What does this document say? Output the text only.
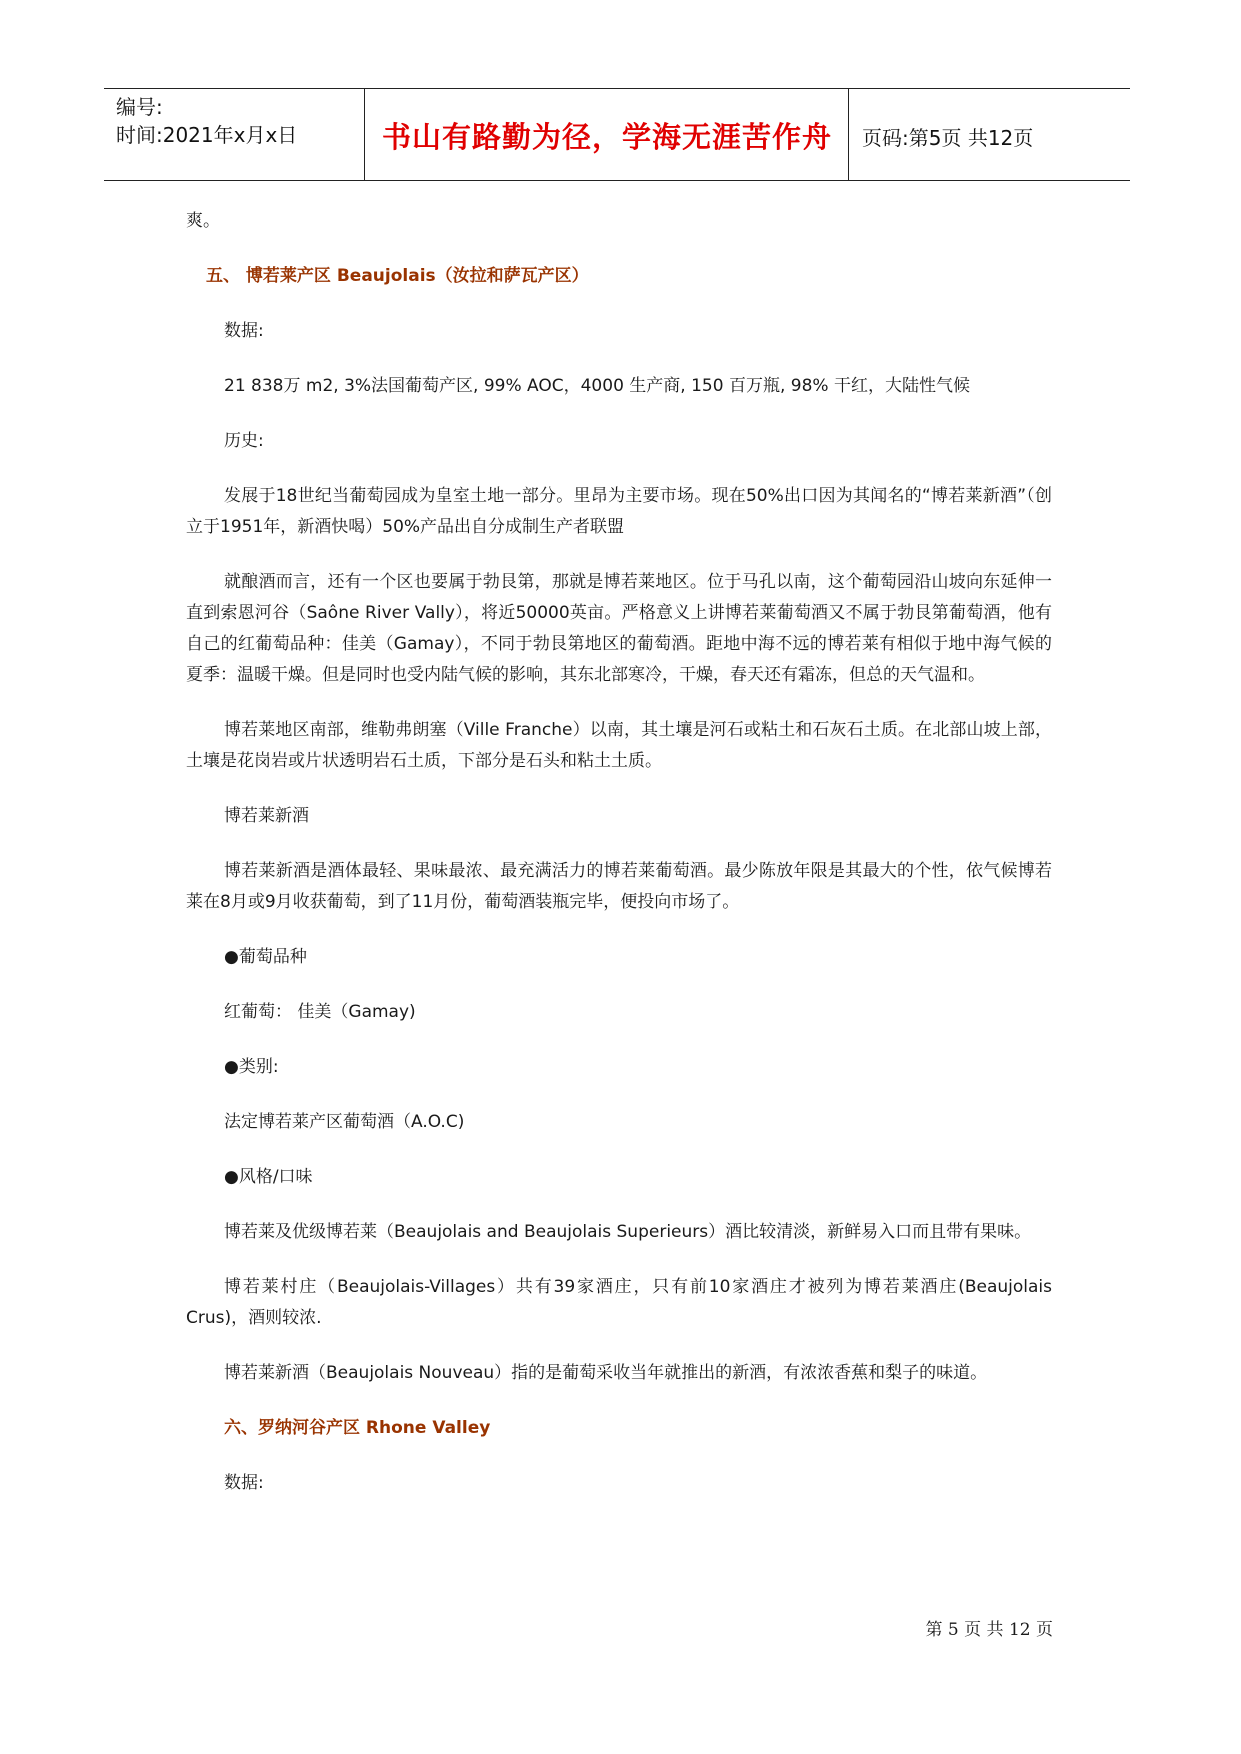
编号:
时间:2021年x月x日	书山有路勤为径，学海无涯苦作舟	页码:第5页 共12页

爽。

五、 博若莱产区 Beaujolais（汝拉和萨瓦产区）

数据:

21 838万 m2, 3%法国葡萄产区, 99% AOC，4000 生产商, 150 百万瓶, 98% 干红，大陆性气候

历史:

发展于18世纪当葡萄园成为皇室土地一部分。里昂为主要市场。现在50%出口因为其闻名的“博若莱新酒”（创立于1951年，新酒快喝）50%产品出自分成制生产者联盟

就酿酒而言，还有一个区也要属于勃艮第，那就是博若莱地区。位于马孔以南，这个葡萄园沿山坡向东延伸一直到索恩河谷（Saône River Vally），将近50000英亩。严格意义上讲博若莱葡萄酒又不属于勃艮第葡萄酒，他有自己的红葡萄品种：佳美（Gamay），不同于勃艮第地区的葡萄酒。距地中海不远的博若莱有相似于地中海气候的夏季：温暖干燥。但是同时也受内陆气候的影响，其东北部寒冷，干燥，春天还有霜冻，但总的天气温和。

博若莱地区南部，维勒弗朗塞（Ville Franche）以南，其土壤是河石或粘土和石灰石土质。在北部山坡上部，土壤是花岗岩或片状透明岩石土质，下部分是石头和粘土土质。

博若莱新酒

博若莱新酒是酒体最轻、果味最浓、最充满活力的博若莱葡萄酒。最少陈放年限是其最大的个性，依气候博若莱在8月或9月收获葡萄，到了11月份，葡萄酒装瓶完毕，便投向市场了。

●葡萄品种

红葡萄： 佳美（Gamay)

●类别:

法定博若莱产区葡萄酒（A.O.C)

●风格/口味

博若莱及优级博若莱（Beaujolais and Beaujolais Superieurs）酒比较清淡，新鲜易入口而且带有果味。

博若莱村庄（Beaujolais-Villages）共有39家酒庄，只有前10家酒庄才被列为博若莱酒庄(Beaujolais Crus)，酒则较浓.

博若莱新酒（Beaujolais Nouveau）指的是葡萄采收当年就推出的新酒，有浓浓香蕉和梨子的味道。

六、罗纳河谷产区 Rhone Valley

数据:

第 5 页 共 12 页
